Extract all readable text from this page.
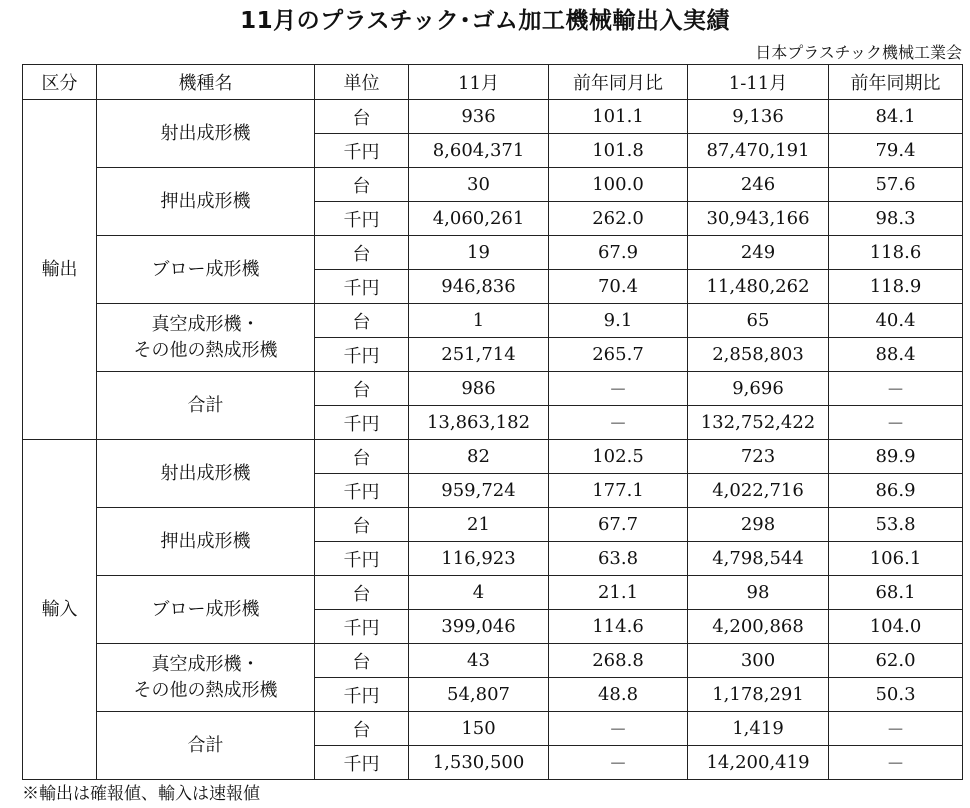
11月のプラスチック･ゴム加工機械輸出入実績
日本プラスチック機械工業会
区分	機種名	単位	11月	前年同月比	1-11月	前年同期比
輸出	射出成形機	台	936	101.1	9,136	84.1
		千円	8,604,371	101.8	87,470,191	79.4

	押出成形機	台	30	100.0	246	57.6
		千円	4,060,261	262.0	30,943,166	98.3

	ブロー成形機	台	19	67.9	249	118.6
		千円	946,836	70.4	11,480,262	118.9

	真空成形機・
その他の熱成形機	台	1	9.1	65	40.4
		千円	251,714	265.7	2,858,803	88.4

	合計	台	986	－	9,696	－
		千円	13,863,182	－	132,752,422	－
輸入	射出成形機	台	82	102.5	723	89.9
		千円	959,724	177.1	4,022,716	86.9

	押出成形機	台	21	67.7	298	53.8
		千円	116,923	63.8	4,798,544	106.1

	ブロー成形機	台	4	21.1	98	68.1
		千円	399,046	114.6	4,200,868	104.0

	真空成形機・
その他の熱成形機	台	43	268.8	300	62.0
		千円	54,807	48.8	1,178,291	50.3

	合計	台	150	－	1,419	－
		千円	1,530,500	－	14,200,419	－
※輸出は確報値、輸入は速報値
